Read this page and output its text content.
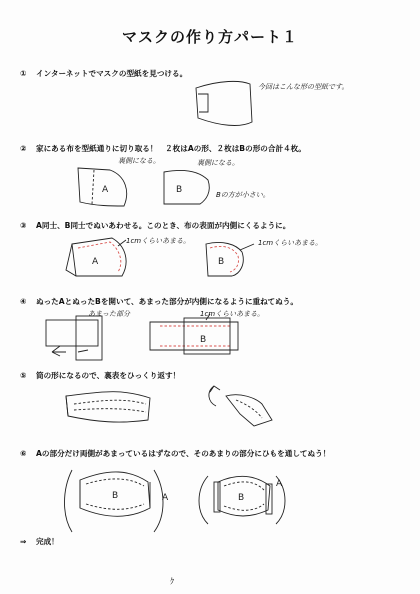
マスクの作り方パート１
① インターネットでマスクの型紙を見つける。
今回はこんな形の型紙です。
② 家にある布を型紙通りに切り取る！　２枚はAの形、２枚はBの形の合計４枚。
裏側になる。	裏側になる。
Bの方が小さい。
③ A同士、B同士でぬいあわせる。このとき、布の表面が内側にくるように。
1cmくらいあまる。	1cmくらいあまる。
④ ぬったAとぬったBを開いて、あまった部分が内側になるように重ねてぬう。
あまった部分	1cmくらいあまる。
⑤ 筒の形になるので、裏表をひっくり返す！
⑥ Aの部分だけ両側があまっているはずなので、そのあまりの部分にひもを通してぬう！
⇒ 完成！
ｸ
A	B
A	B
B
B	A	B
A
